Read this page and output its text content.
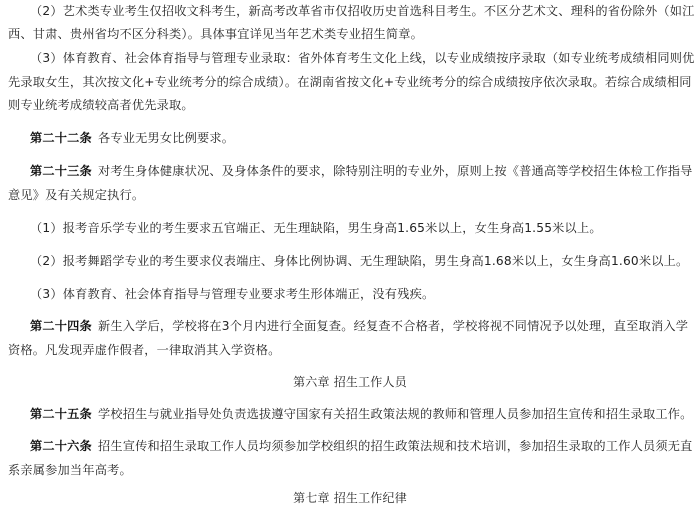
（2）艺术类专业考生仅招收文科考生，新高考改革省市仅招收历史首选科目考生。不区分艺术文、理科的省份除外（如江
西、甘肃、贵州省均不区分科类）。具体事宜详见当年艺术类专业招生简章。
（3）体育教育、社会体育指导与管理专业录取：省外体育考生文化上线，以专业成绩按序录取（如专业统考成绩相同则优
先录取女生，其次按文化+专业统考分的综合成绩）。在湖南省按文化+专业统考分的综合成绩按序依次录取。若综合成绩相同
则专业统考成绩较高者优先录取。
第二十二条 各专业无男女比例要求。
第二十三条 对考生身体健康状况、及身体条件的要求，除特别注明的专业外，原则上按《普通高等学校招生体检工作指导
意见》及有关规定执行。
（1）报考音乐学专业的考生要求五官端正、无生理缺陷，男生身高1.65米以上，女生身高1.55米以上。
（2）报考舞蹈学专业的考生要求仪表端庄、身体比例协调、无生理缺陷，男生身高1.68米以上，女生身高1.60米以上。
（3）体育教育、社会体育指导与管理专业要求考生形体端正，没有残疾。
第二十四条 新生入学后，学校将在3个月内进行全面复查。经复查不合格者，学校将视不同情况予以处理，直至取消入学
资格。凡发现弄虚作假者，一律取消其入学资格。
第六章 招生工作人员
第二十五条 学校招生与就业指导处负责选拔遵守国家有关招生政策法规的教师和管理人员参加招生宣传和招生录取工作。
第二十六条 招生宣传和招生录取工作人员均须参加学校组织的招生政策法规和技术培训，参加招生录取的工作人员须无直
系亲属参加当年高考。
第七章 招生工作纪律
